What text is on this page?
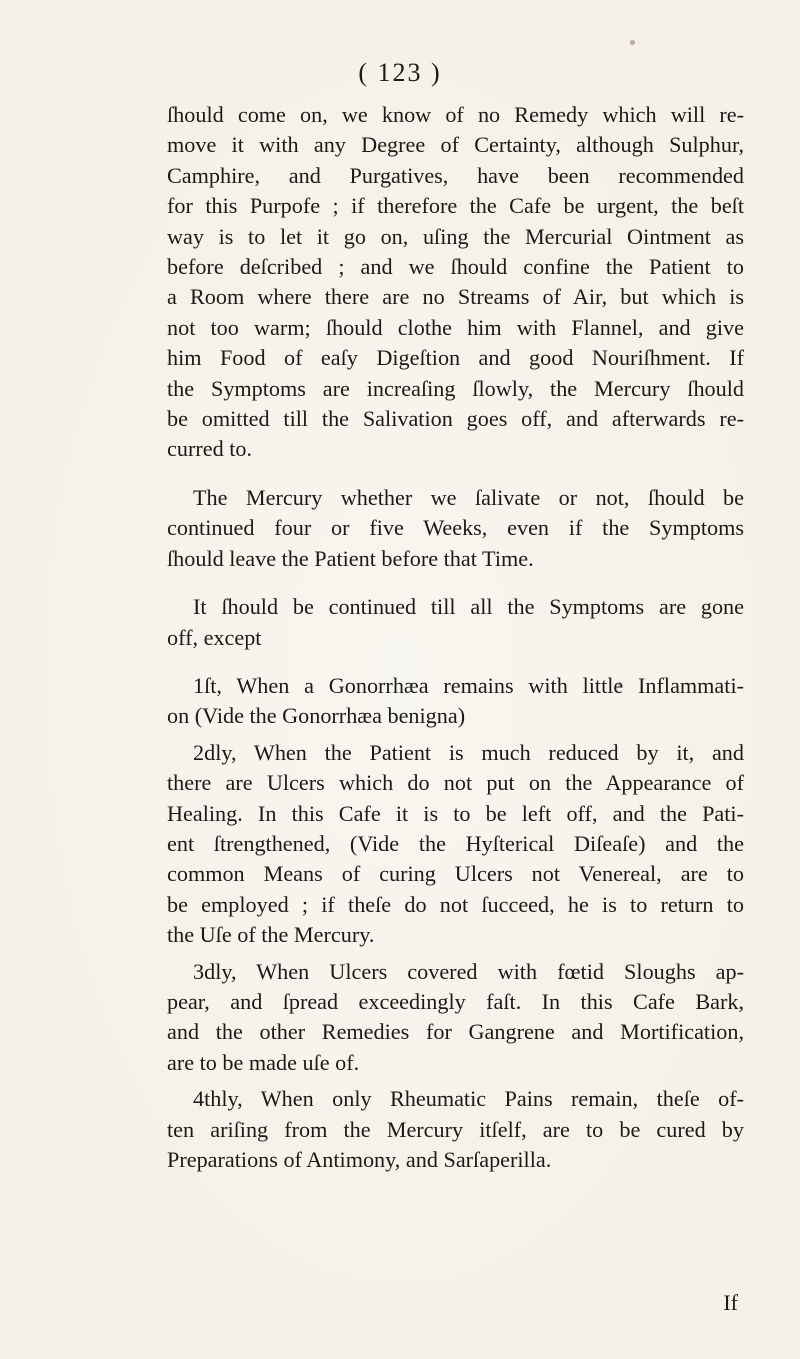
( 123 )
ſhould come on, we know of no Remedy which will re-
move it with any Degree of Certainty, although Sulphur,
Camphire, and Purgatives, have been recommended
for this Purpofe ; if therefore the Cafe be urgent, the beſt
way is to let it go on, uſing the Mercurial Ointment as
before deſcribed ; and we ſhould confine the Patient to
a Room where there are no Streams of Air, but which is
not too warm; ſhould clothe him with Flannel, and give
him Food of eaſy Digeſtion and good Nouriſhment. If
the Symptoms are increaſing ſlowly, the Mercury ſhould
be omitted till the Salivation goes off, and afterwards re-
curred to.
The Mercury whether we ſalivate or not, ſhould be
continued four or five Weeks, even if the Symptoms
ſhould leave the Patient before that Time.
It ſhould be continued till all the Symptoms are gone
off, except
1ſt, When a Gonorrhæa remains with little Inflammati-
on (Vide the Gonorrhæa benigna)
2dly, When the Patient is much reduced by it, and
there are Ulcers which do not put on the Appearance of
Healing. In this Cafe it is to be left off, and the Pati-
ent ſtrengthened, (Vide the Hyſterical Diſeaſe) and the
common Means of curing Ulcers not Venereal, are to
be employed ; if theſe do not ſucceed, he is to return to
the Uſe of the Mercury.
3dly, When Ulcers covered with fœtid Sloughs ap-
pear, and ſpread exceedingly faſt. In this Cafe Bark,
and the other Remedies for Gangrene and Mortification,
are to be made uſe of.
4thly, When only Rheumatic Pains remain, theſe of-
ten ariſing from the Mercury itſelf, are to be cured by
Preparations of Antimony, and Sarſaperilla.
If
